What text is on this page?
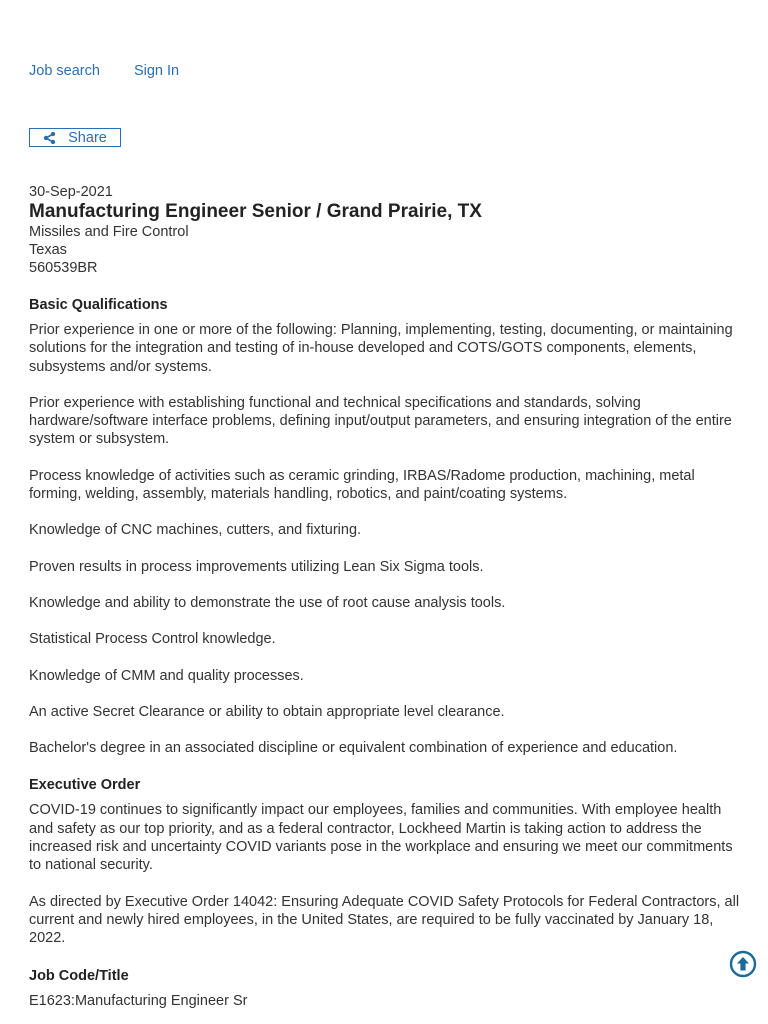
Job search Sign In
Share
30-Sep-2021
Manufacturing Engineer Senior / Grand Prairie, TX
Missiles and Fire Control
Texas
560539BR
Basic Qualifications

Prior experience in one or more of the following: Planning, implementing, testing, documenting, or maintaining solutions for the integration and testing of in-house developed and COTS/GOTS components, elements, subsystems and/or systems.

Prior experience with establishing functional and technical specifications and standards, solving hardware/software interface problems, defining input/output parameters, and ensuring integration of the entire system or subsystem.

Process knowledge of activities such as ceramic grinding, IRBAS/Radome production, machining, metal forming, welding, assembly, materials handling, robotics, and paint/coating systems.

Knowledge of CNC machines, cutters, and fixturing.

Proven results in process improvements utilizing Lean Six Sigma tools.

Knowledge and ability to demonstrate the use of root cause analysis tools.

Statistical Process Control knowledge.

Knowledge of CMM and quality processes.

An active Secret Clearance or ability to obtain appropriate level clearance.

Bachelor's degree in an associated discipline or equivalent combination of experience and education.

Executive Order

COVID-19 continues to significantly impact our employees, families and communities. With employee health and safety as our top priority, and as a federal contractor, Lockheed Martin is taking action to address the increased risk and uncertainty COVID variants pose in the workplace and ensuring we meet our commitments to national security.

As directed by Executive Order 14042: Ensuring Adequate COVID Safety Protocols for Federal Contractors, all current and newly hired employees, in the United States, are required to be fully vaccinated by January 18, 2022.

Job Code/Title

E1623:Manufacturing Engineer Sr
